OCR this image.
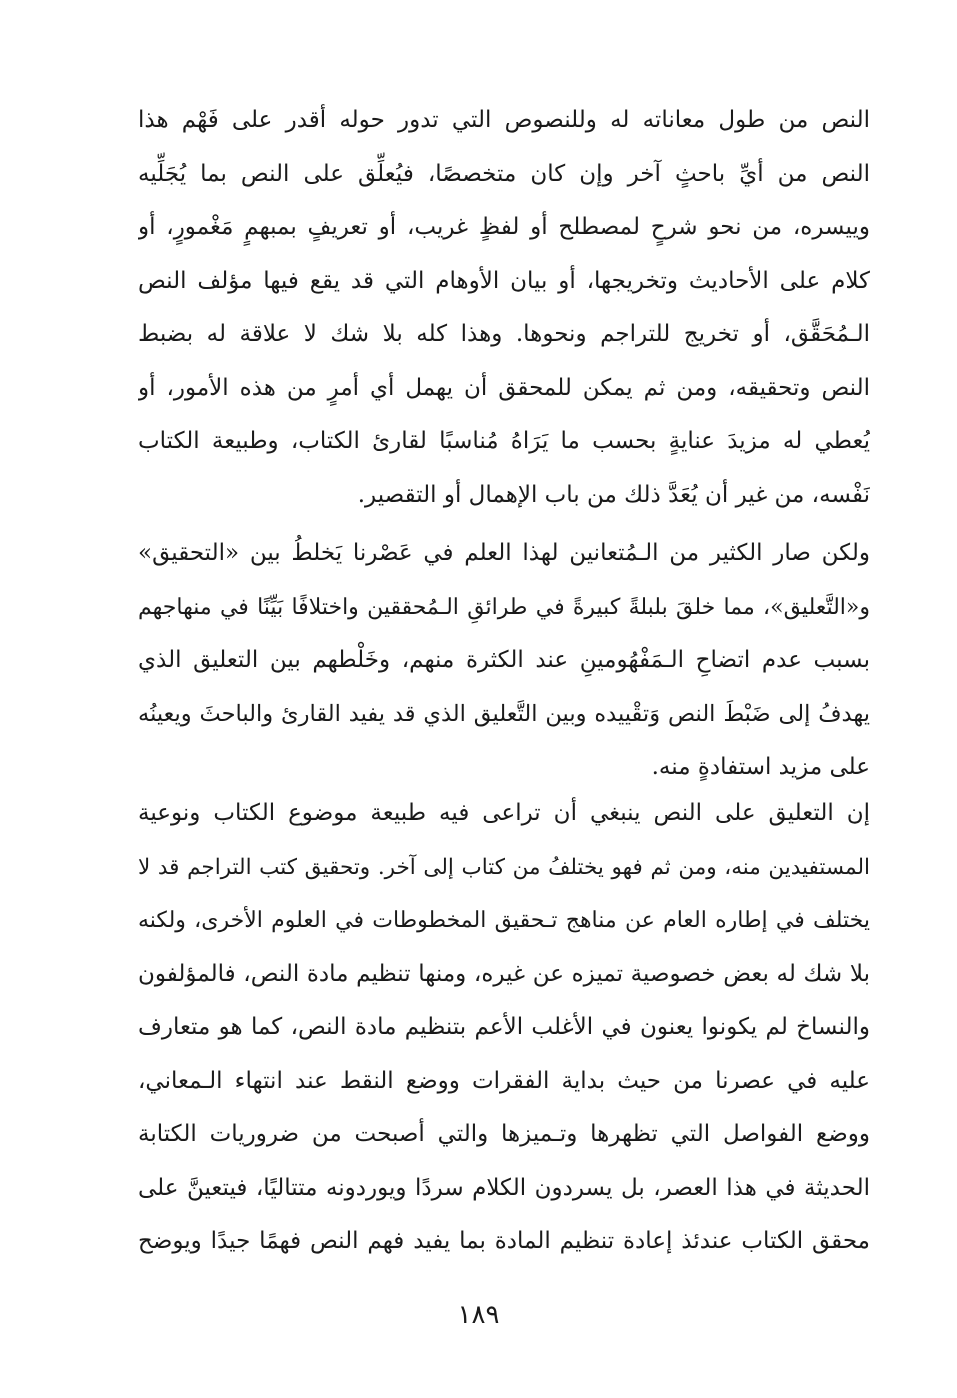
النص من طول معاناته له وللنصوص التي تدور حوله أقدر على فَهْم هذا
النص من أيِّ باحثٍ آخر وإن كان متخصصًا، فيُعلِّق على النص بما يُجَلِّيه
وييسره، من نحو شرحٍ لمصطلح أو لفظٍ غريب، أو تعريفٍ بمبهمٍ مَغْمورٍ، أو
كلام على الأحاديث وتخريجها، أو بيان الأوهام التي قد يقع فيها مؤلف النص
الـمُحَقَّق، أو تخريج للتراجم ونحوها. وهذا كله بلا شك لا علاقة له بضبط
النص وتحقيقه، ومن ثم يمكن للمحقق أن يهمل أي أمرٍ من هذه الأمور، أو
يُعطي له مزيدَ عنايةٍ بحسب ما يَرَاهُ مُناسبًا لقارئ الكتاب، وطبيعة الكتاب
نَفْسه، من غير أن يُعَدَّ ذلك من باب الإهمال أو التقصير.
ولكن صار الكثير من الـمُتعانين لهذا العلم في عَصْرنا يَخلطُ بين «التحقيق»
و«التَّعليق»، مما خلقَ بلبلةً كبيرةً في طرائقِ الـمُحققين واختلافًا بَيِّنًا في منهاجهم
بسبب عدم اتضاحِ الـمَفْهُومينِ عند الكثرة منهم، وخَلْطهم بين التعليق الذي
يهدفُ إلى ضَبْطَ النص وَتقْييده وبين التَّعليق الذي قد يفيد القارئ والباحثَ ويعينُه
على مزيد استفادةٍ منه.
إن التعليق على النص ينبغي أن تراعى فيه طبيعة موضوع الكتاب ونوعية
المستفيدين منه، ومن ثم فهو يختلفُ من كتاب إلى آخر. وتحقيق كتب التراجم قد لا
يختلف في إطاره العام عن مناهج تـحقيق المخطوطات في العلوم الأخرى، ولكنه
بلا شك له بعض خصوصية تميزه عن غيره، ومنها تنظيم مادة النص، فالمؤلفون
والنساخ لم يكونوا يعنون في الأغلب الأعم بتنظيم مادة النص، كما هو متعارف
عليه في عصرنا من حيث بداية الفقرات ووضع النقط عند انتهاء الـمعاني،
ووضع الفواصل التي تظهرها وتـميزها والتي أصبحت من ضروريات الكتابة
الحديثة في هذا العصر، بل يسردون الكلام سردًا ويوردونه متتاليًا، فيتعينَّ على
محقق الكتاب عندئذ إعادة تنظيم المادة بما يفيد فهم النص فهمًا جيدًا ويوضح
١٨٩
